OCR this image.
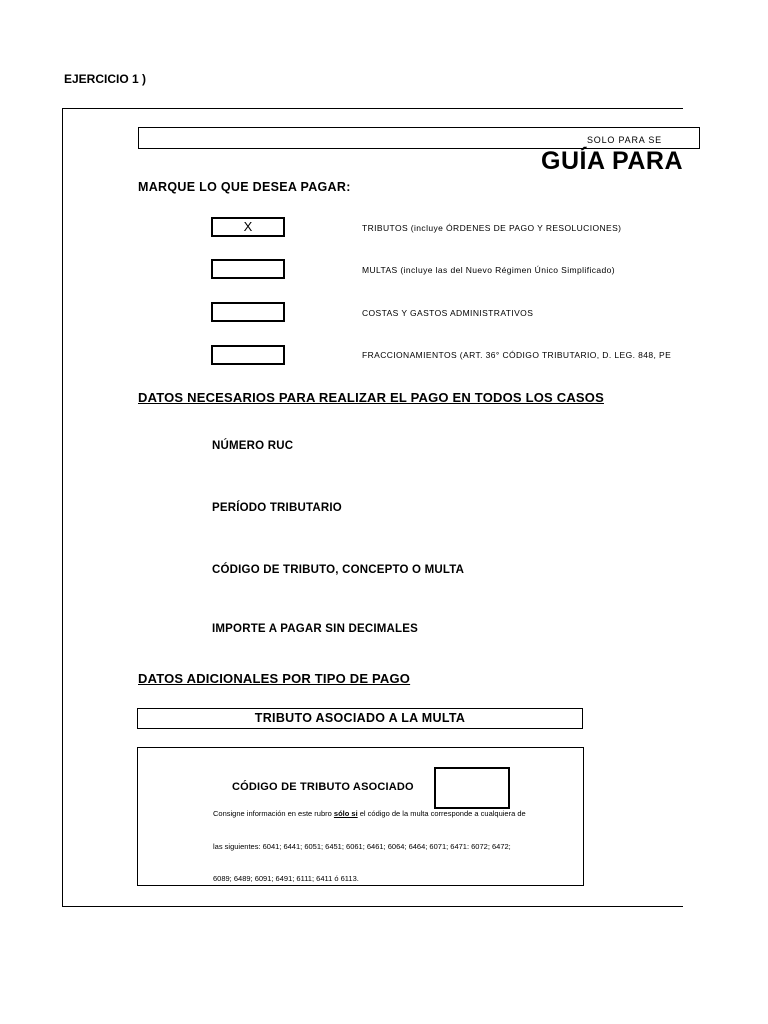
EJERCICIO 1 )
SOLO PARA SE
GUÍA PARA
MARQUE LO QUE DESEA PAGAR:
X	TRIBUTOS (incluye ÓRDENES DE PAGO Y RESOLUCIONES)
MULTAS (incluye las del Nuevo Régimen Único Simplificado)
COSTAS Y GASTOS ADMINISTRATIVOS
FRACCIONAMIENTOS (ART. 36° CÓDIGO TRIBUTARIO, D. LEG. 848, PE
DATOS NECESARIOS PARA REALIZAR EL PAGO EN TODOS LOS CASOS
NÚMERO RUC
PERÍODO TRIBUTARIO
CÓDIGO DE TRIBUTO, CONCEPTO O MULTA
IMPORTE A PAGAR SIN DECIMALES
DATOS ADICIONALES POR TIPO DE PAGO
TRIBUTO ASOCIADO A LA MULTA
CÓDIGO DE TRIBUTO ASOCIADO
Consigne información en este rubro sólo si el código de la multa corresponde a cualquiera de
las siguientes: 6041; 6441; 6051; 6451; 6061; 6461; 6064; 6464; 6071; 6471: 6072; 6472;
6089; 6489; 6091; 6491; 6111; 6411 ó 6113.
